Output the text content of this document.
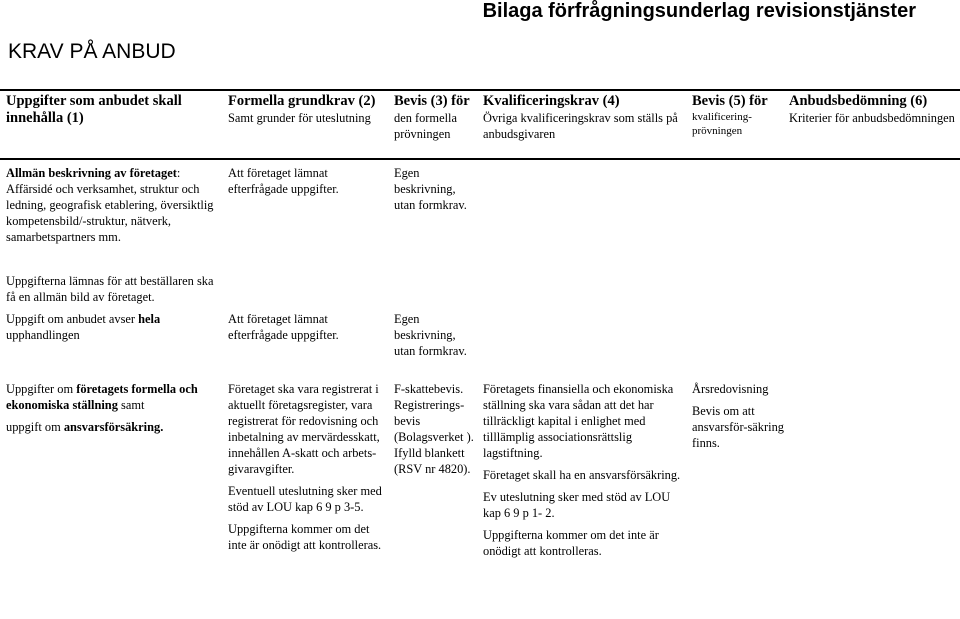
Bilaga förfrågningsunderlag revisionstjänster
KRAV PÅ ANBUD
Uppgifter som anbudet skall innehålla (1)
Formella grundkrav (2)
Samt grunder för uteslutning
Bevis (3) för
den formella prövningen
Kvalificeringskrav (4)
Övriga kvalificeringskrav som ställs på anbudsgivaren
Bevis (5) för
kvalificering-prövningen
Anbudsbedömning (6)
Kriterier för anbudsbedömningen
Allmän beskrivning av företaget: Affärsidé och verksamhet, struktur och ledning, geografisk etablering, översiktlig kompetensbild/-struktur, nätverk, samarbetspartners mm.
Att företaget lämnat efterfrågade uppgifter.
Egen beskrivning, utan formkrav.
Uppgifterna lämnas för att beställaren ska få en allmän bild av företaget.
Uppgift om anbudet avser hela upphandlingen
Att företaget lämnat efterfrågade uppgifter.
Egen beskrivning, utan formkrav.
Uppgifter om företagets formella och ekonomiska ställning samt
uppgift om ansvarsförsäkring.
Företaget ska vara registrerat i aktuellt företagsregister, vara registrerat för redovisning och inbetalning av mervärdesskatt, innehållen A-skatt och arbets-givaravgifter.
Eventuell uteslutning sker med stöd av LOU kap 6 9 p 3-5.
Uppgifterna kommer om det inte är onödigt att kontrolleras.
F-skattebevis. Registrerings-bevis (Bolagsverket ). Ifylld blankett (RSV nr 4820).
Företagets finansiella och ekonomiska ställning ska vara sådan att det har tillräckligt kapital i enlighet med tilllämplig associationsrättslig lagstiftning.
Företaget skall ha en ansvarsförsäkring.
Ev uteslutning sker med stöd av LOU kap 6 9 p 1- 2.
Uppgifterna kommer om det inte är onödigt att kontrolleras.
Årsredovisning
Bevis om att ansvarsför-säkring finns.
